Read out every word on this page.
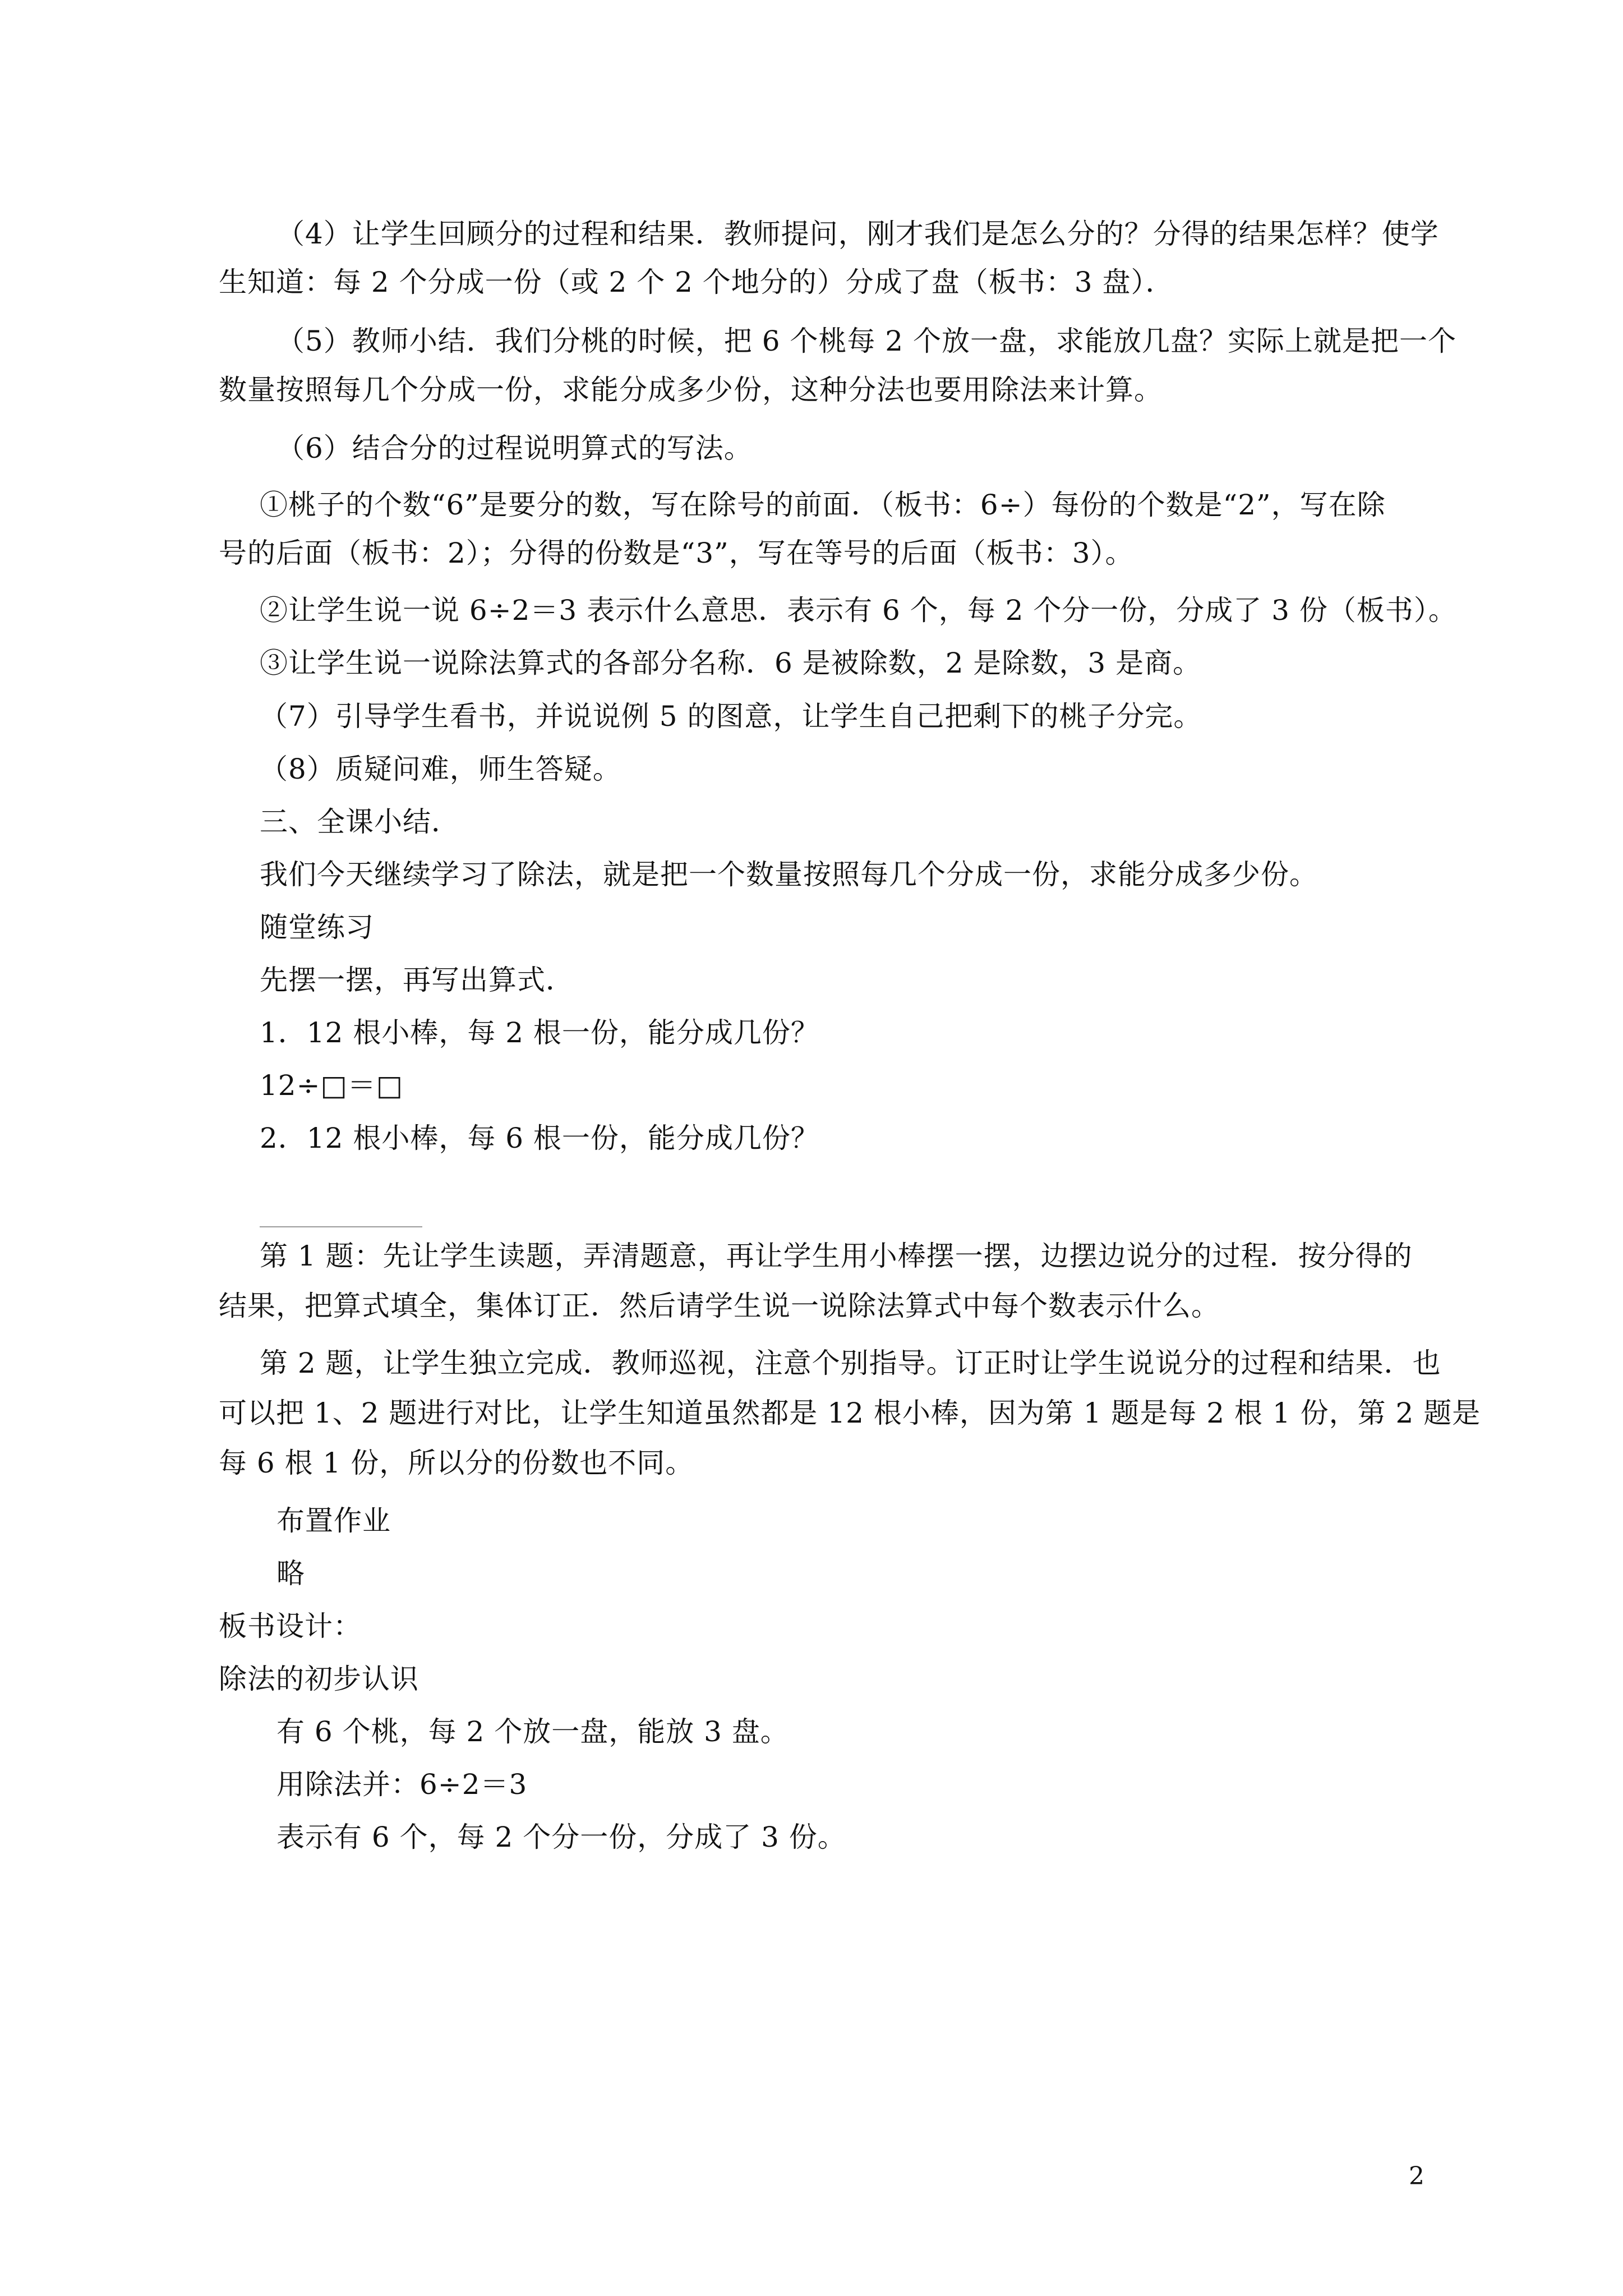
（4）让学生回顾分的过程和结果．教师提问，刚才我们是怎么分的？分得的结果怎样？使学
生知道：每 2 个分成一份（或 2 个 2 个地分的）分成了盘（板书：3 盘）．
（5）教师小结．我们分桃的时候，把 6 个桃每 2 个放一盘，求能放几盘？实际上就是把一个
数量按照每几个分成一份，求能分成多少份，这种分法也要用除法来计算。
（6）结合分的过程说明算式的写法。
①桃子的个数“6”是要分的数，写在除号的前面．（板书：6÷）每份的个数是“2”，写在除
号的后面（板书：2）；分得的份数是“3”，写在等号的后面（板书：3）。
②让学生说一说 6÷2＝3 表示什么意思．表示有 6 个，每 2 个分一份，分成了 3 份（板书）。
③让学生说一说除法算式的各部分名称．6 是被除数，2 是除数，3 是商。
（7）引导学生看书，并说说例 5 的图意，让学生自己把剩下的桃子分完。
（8）质疑问难，师生答疑。
三、全课小结．
我们今天继续学习了除法，就是把一个数量按照每几个分成一份，求能分成多少份。
随堂练习
先摆一摆，再写出算式．
1．12 根小棒，每 2 根一份，能分成几份？
12÷□＝□
2．12 根小棒，每 6 根一份，能分成几份？
第 1 题：先让学生读题，弄清题意，再让学生用小棒摆一摆，边摆边说分的过程．按分得的
结果，把算式填全，集体订正．然后请学生说一说除法算式中每个数表示什么。
第 2 题，让学生独立完成．教师巡视，注意个别指导。订正时让学生说说分的过程和结果．也
可以把 1、2 题进行对比，让学生知道虽然都是 12 根小棒，因为第 1 题是每 2 根 1 份，第 2 题是
每 6 根 1 份，所以分的份数也不同。
布置作业
略
板书设计：
除法的初步认识
有 6 个桃，每 2 个放一盘，能放 3 盘。
用除法并：6÷2＝3
表示有 6 个，每 2 个分一份，分成了 3 份。
2
